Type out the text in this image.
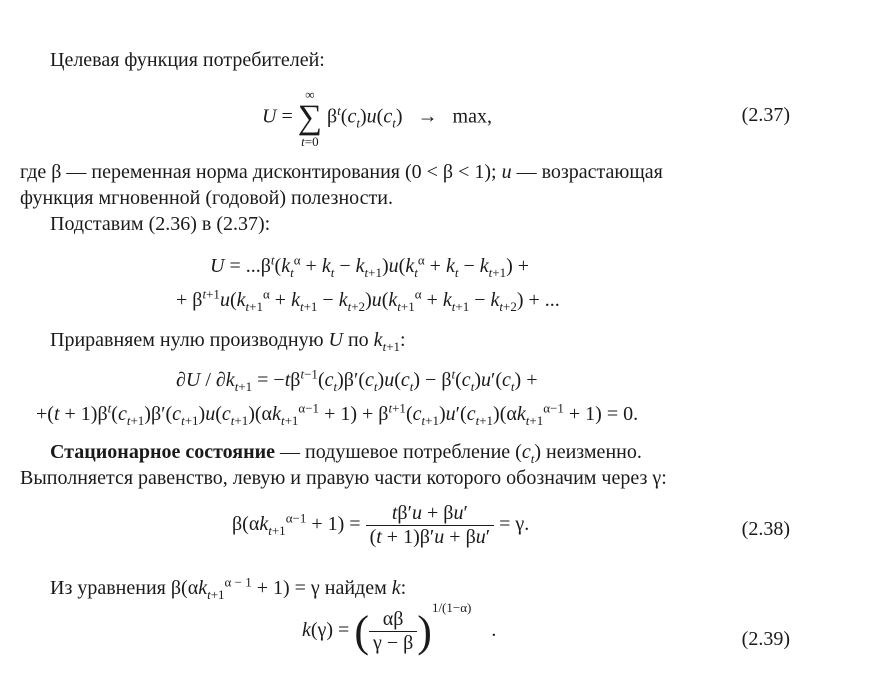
Целевая функция потребителей:
U =
∞
∑
t=0
$\beta^t(c_t)u(c_t) \to \max$,	(2.37)
где β — переменная норма дисконтирования (0 < β < 1); u — возрастающая
функция мгновенной (годовой) полезности.
Подставим (2.36) в (2.37):
$U = ...\beta^t(k_t^\alpha + k_t - k_{t+1})u(k_t^\alpha + k_t - k_{t+1})$ +
+ $\beta^{t+1}u(k_{t+1}^\alpha + k_{t+1} - k_{t+2})u(k_{t+1}^\alpha + k_{t+1} - k_{t+2})$ + ...
Приравняем нулю производную U по $k_{t+1}$:
$\partial U / \partial k_{t+1} = -t\beta^{t-1}(c_t)\beta'(c_t)u(c_t) - \beta^t(c_t)u'(c_t)$ +
$+(t + 1)\beta^t(c_{t+1})\beta'(c_{t+1})u(c_{t+1})(\alpha k_{t+1}^{\alpha-1} + 1) + \beta^{t+1}(c_{t+1})u'(c_{t+1})(\alpha k_{t+1}^{\alpha-1} + 1) = 0$.
Стационарное состояние — подушевое потребление $(c_t)$ неизменно.
Выполняется равенство, левую и правую части которого обозначим через γ:
$\beta(\alpha k_{t+1}^{\alpha-1} + 1) = \frac{t\beta'u + \beta u'}{(t + 1)\beta'u + \beta u'} = \gamma$.	(2.38)
Из уравнения $\beta(\alpha k_{t+1}^{\alpha - 1} + 1) = \gamma$ найдем k:
k(γ) = ( $\frac{\alpha\beta}{\gamma - \beta} )^{1/(1-\alpha)}$    .	(2.39)
